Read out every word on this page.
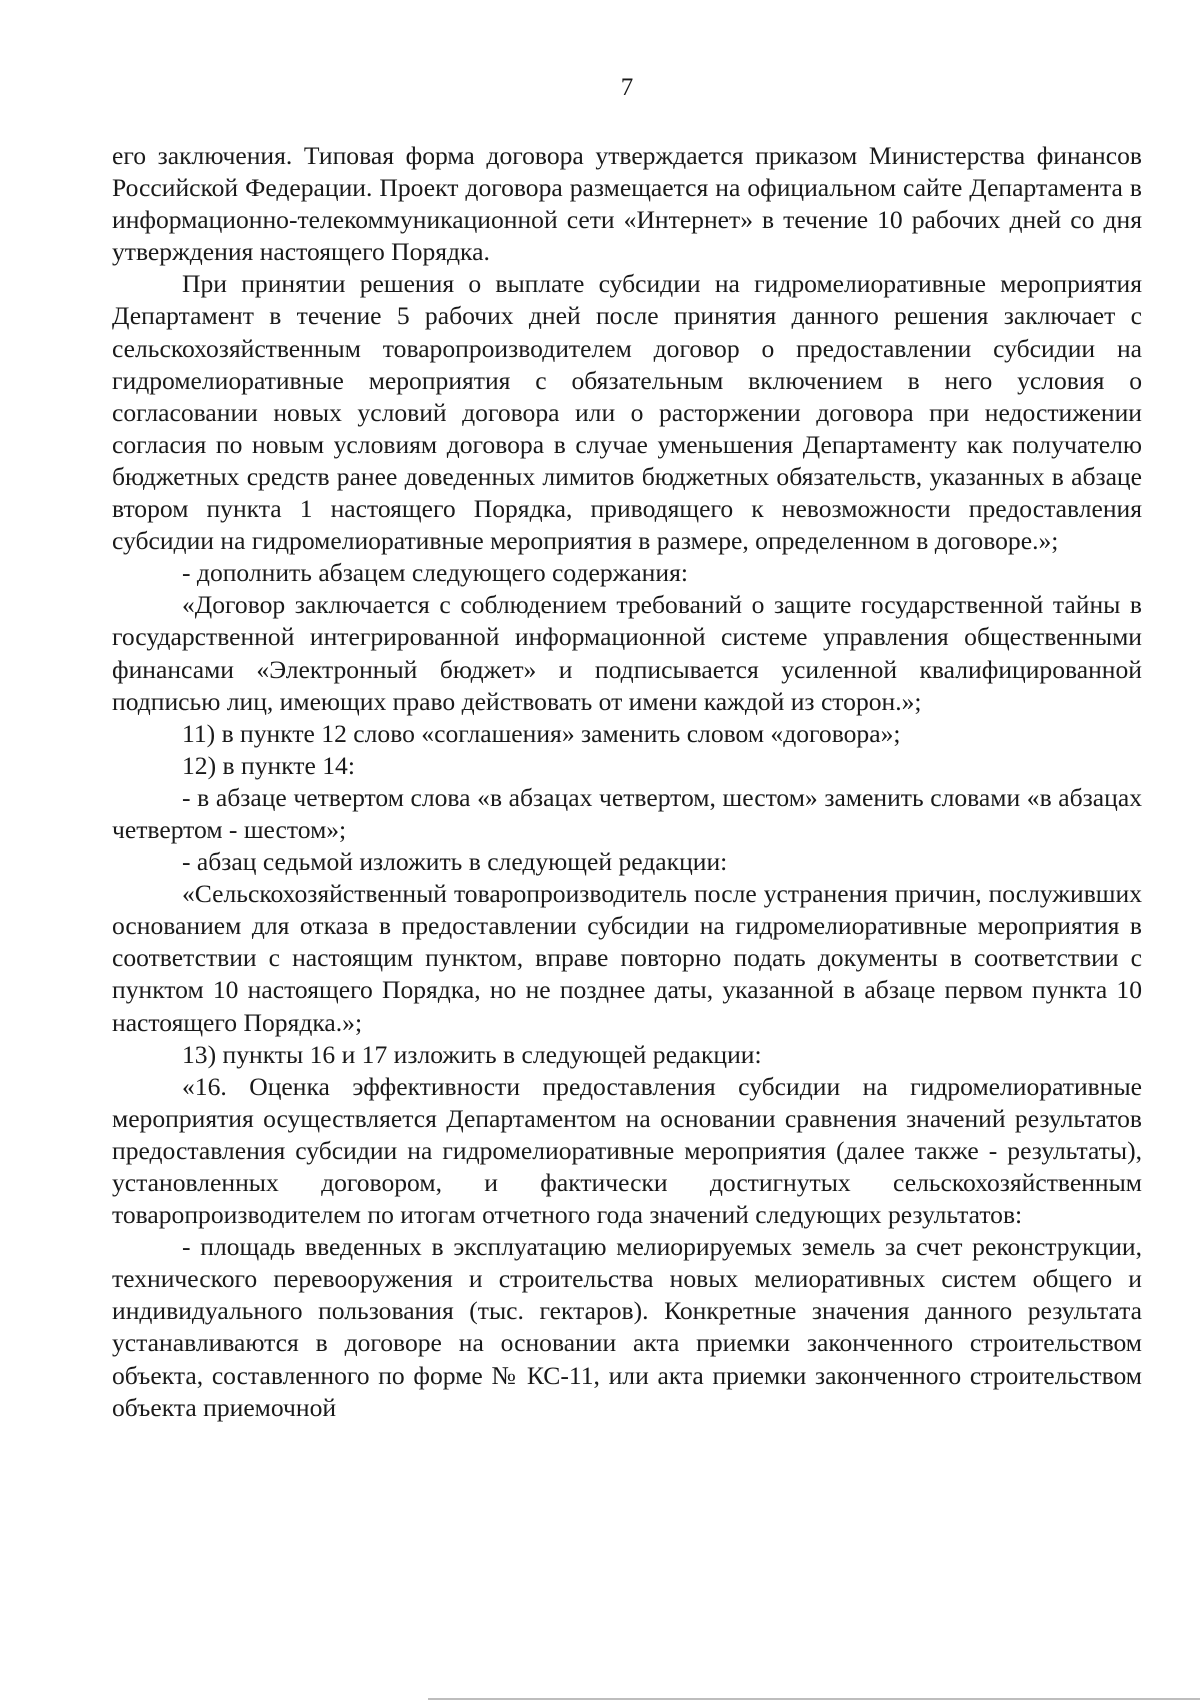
7

его заключения. Типовая форма договора утверждается приказом Министерства финансов Российской Федерации. Проект договора размещается на официальном сайте Департамента в информационно-телекоммуникационной сети «Интернет» в течение 10 рабочих дней со дня утверждения настоящего Порядка.

При принятии решения о выплате субсидии на гидромелиоративные мероприятия Департамент в течение 5 рабочих дней после принятия данного решения заключает с сельскохозяйственным товаропроизводителем договор о предоставлении субсидии на гидромелиоративные мероприятия с обязательным включением в него условия о согласовании новых условий договора или о расторжении договора при недостижении согласия по новым условиям договора в случае уменьшения Департаменту как получателю бюджетных средств ранее доведенных лимитов бюджетных обязательств, указанных в абзаце втором пункта 1 настоящего Порядка, приводящего к невозможности предоставления субсидии на гидромелиоративные мероприятия в размере, определенном в договоре.»;

- дополнить абзацем следующего содержания:

«Договор заключается с соблюдением требований о защите государственной тайны в государственной интегрированной информационной системе управления общественными финансами «Электронный бюджет» и подписывается усиленной квалифицированной подписью лиц, имеющих право действовать от имени каждой из сторон.»;

11) в пункте 12 слово «соглашения» заменить словом «договора»;

12) в пункте 14:

- в абзаце четвертом слова «в абзацах четвертом, шестом» заменить словами «в абзацах четвертом - шестом»;

- абзац седьмой изложить в следующей редакции:

«Сельскохозяйственный товаропроизводитель после устранения причин, послуживших основанием для отказа в предоставлении субсидии на гидромелиоративные мероприятия в соответствии с настоящим пунктом, вправе повторно подать документы в соответствии с пунктом 10 настоящего Порядка, но не позднее даты, указанной в абзаце первом пункта 10 настоящего Порядка.»;

13) пункты 16 и 17 изложить в следующей редакции:

«16. Оценка эффективности предоставления субсидии на гидромелиоративные мероприятия осуществляется Департаментом на основании сравнения значений результатов предоставления субсидии на гидромелиоративные мероприятия (далее также - результаты), установленных договором, и фактически достигнутых сельскохозяйственным товаропроизводителем по итогам отчетного года значений следующих результатов:

- площадь введенных в эксплуатацию мелиорируемых земель за счет реконструкции, технического перевооружения и строительства новых мелиоративных систем общего и индивидуального пользования (тыс. гектаров). Конкретные значения данного результата устанавливаются в договоре на основании акта приемки законченного строительством объекта, составленного по форме № КС-11, или акта приемки законченного строительством объекта приемочной
